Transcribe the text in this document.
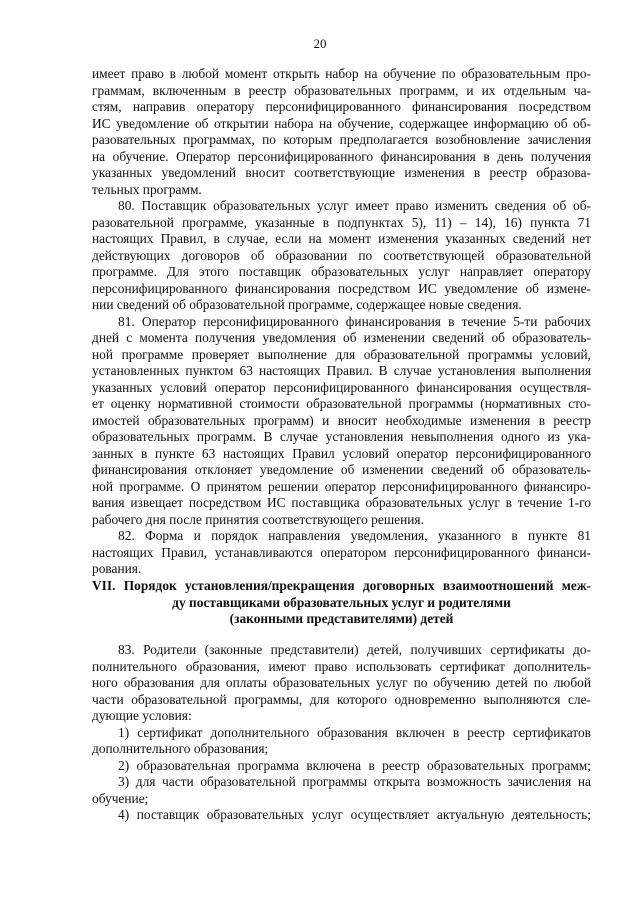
20
имеет право в любой момент открыть набор на обучение по образовательным про-
граммам, включенным в реестр образовательных программ, и их отдельным ча-
стям, направив оператору персонифицированного финансирования посредством
ИС уведомление об открытии набора на обучение, содержащее информацию об об-
разовательных программах, по которым предполагается возобновление зачисления
на обучение. Оператор персонифицированного финансирования в день получения
указанных уведомлений вносит соответствующие изменения в реестр образова-
тельных программ.
80. Поставщик образовательных услуг имеет право изменить сведения об об-
разовательной программе, указанные в подпунктах 5), 11) – 14), 16) пункта 71
настоящих Правил, в случае, если на момент изменения указанных сведений нет
действующих договоров об образовании по соответствующей образовательной
программе. Для этого поставщик образовательных услуг направляет оператору
персонифицированного финансирования посредством ИС уведомление об измене-
нии сведений об образовательной программе, содержащее новые сведения.
81. Оператор персонифицированного финансирования в течение 5-ти рабочих
дней с момента получения уведомления об изменении сведений об образователь-
ной программе проверяет выполнение для образовательной программы условий,
установленных пунктом 63 настоящих Правил. В случае установления выполнения
указанных условий оператор персонифицированного финансирования осуществля-
ет оценку нормативной стоимости образовательной программы (нормативных сто-
имостей образовательных программ) и вносит необходимые изменения в реестр
образовательных программ. В случае установления невыполнения одного из ука-
занных в пункте 63 настоящих Правил условий оператор персонифицированного
финансирования отклоняет уведомление об изменении сведений об образователь-
ной программе. О принятом решении оператор персонифицированного финансиро-
вания извещает посредством ИС поставщика образовательных услуг в течение 1-го
рабочего дня после принятия соответствующего решения.
82. Форма и порядок направления уведомления, указанного в пункте 81
настоящих Правил, устанавливаются оператором персонифицированного финанси-
рования.
VII. Порядок установления/прекращения договорных взаимоотношений меж-
ду поставщиками образовательных услуг и родителями
(законными представителями) детей
83. Родители (законные представители) детей, получивших сертификаты до-
полнительного образования, имеют право использовать сертификат дополнитель-
ного образования для оплаты образовательных услуг по обучению детей по любой
части образовательной программы, для которого одновременно выполняются сле-
дующие условия:
1) сертификат дополнительного образования включен в реестр сертификатов
дополнительного образования;
2) образовательная программа включена в реестр образовательных программ;
3) для части образовательной программы открыта возможность зачисления на
обучение;
4) поставщик образовательных услуг осуществляет актуальную деятельность;
